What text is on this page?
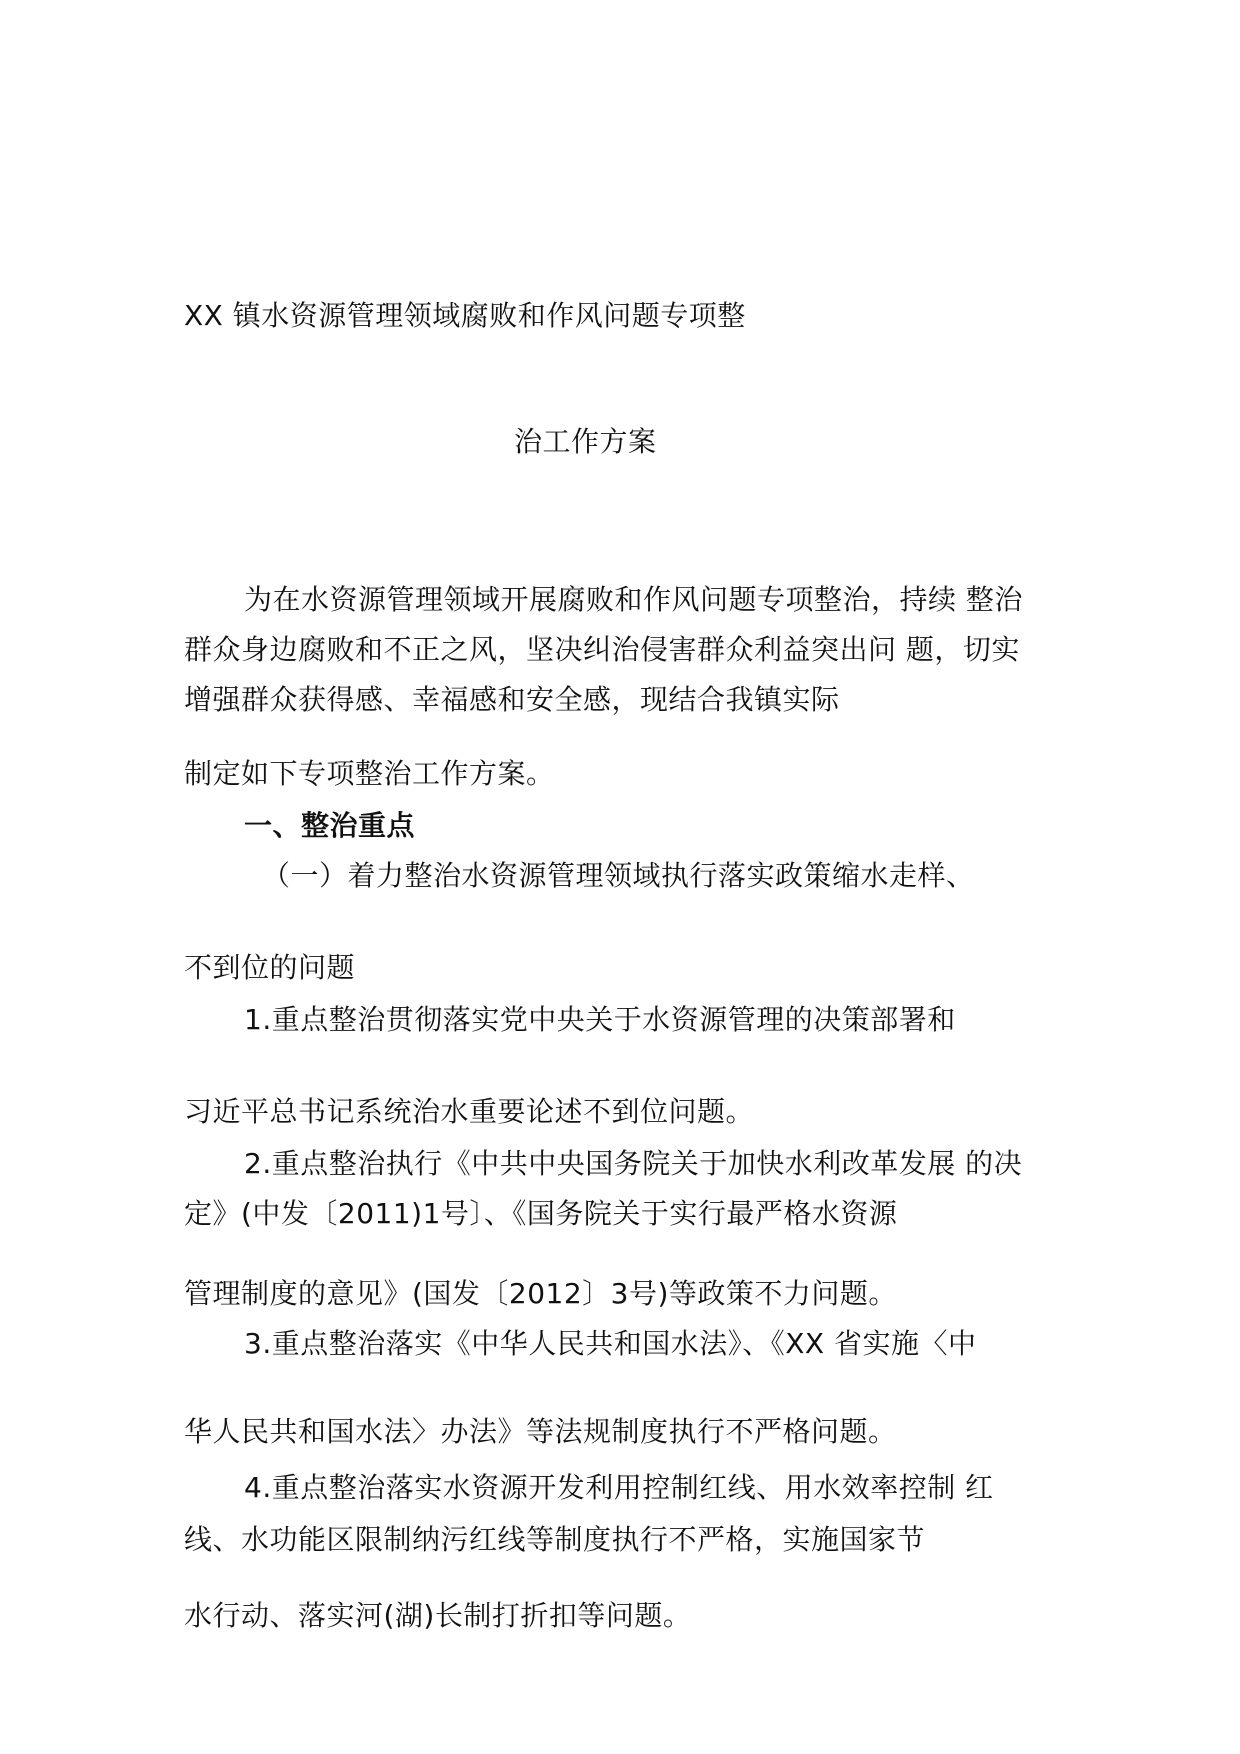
XX 镇水资源管理领域腐败和作风问题专项整
治工作方案
为在水资源管理领域开展腐败和作风问题专项整治，持续 整治
群众身边腐败和不正之风，坚决纠治侵害群众利益突出问 题，切实
增强群众获得感、幸福感和安全感，现结合我镇实际
制定如下专项整治工作方案。
一、整治重点
（一）着力整治水资源管理领域执行落实政策缩水走样、
不到位的问题
1.重点整治贯彻落实党中央关于水资源管理的决策部署和
习近平总书记系统治水重要论述不到位问题。
2.重点整治执行《中共中央国务院关于加快水利改革发展 的决
定》(中发〔2011)1号〕、《国务院关于实行最严格水资源
管理制度的意见》(国发〔2012〕3号)等政策不力问题。
3.重点整治落实《中华人民共和国水法》、《XX 省实施〈中
华人民共和国水法〉办法》等法规制度执行不严格问题。
4.重点整治落实水资源开发利用控制红线、用水效率控制 红
线、水功能区限制纳污红线等制度执行不严格，实施国家节
水行动、落实河(湖)长制打折扣等问题。
